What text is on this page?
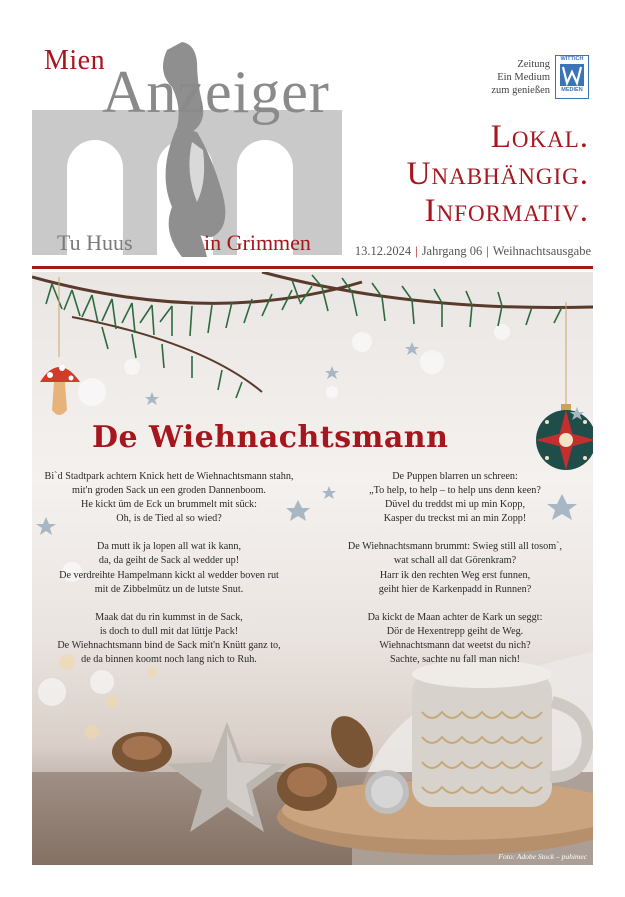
Mien
Anzeiger
Tu Huus	in Grimmen
Zeitung
Ein Medium
zum genießen
WITTICH
MEDIEN
Lokal.
Unabhängig.
Informativ.
13.12.2024 | Jahrgang 06 | Weihnachtsausgabe
De Wiehnachtsmann
Bi`d Stadtpark achtern Knick hett de Wiehnachtsmann stahn,
mit'n groden Sack un een groden Dannenboom.
He kickt üm de Eck un brummelt mit sück:
Oh, is de Tied al so wied?
Da mutt ik ja lopen all wat ik kann,
da, da geiht de Sack al wedder up!
De verdreihte Hampelmann kickt al wedder boven rut
mit de Zibbelmütz un de lutste Snut.
Maak dat du rin kummst in de Sack,
is doch to dull mit dat lüttje Pack!
De Wiehnachtsmann bind de Sack mit'n Knütt ganz to,
de da binnen koomt noch lang nich to Ruh.
De Puppen blarren un schreen:
„To help, to help – to help uns denn keen?
Düvel du treddst mi up min Kopp,
Kasper du treckst mi an min Zopp!
De Wiehnachtsmann brummt: Swieg still all tosom`,
wat schall all dat Görenkram?
Harr ik den rechten Weg erst funnen,
geiht hier de Karkenpadd in Runnen?
Da kickt de Maan achter de Kark un seggt:
Dör de Hexentrepp geiht de Weg.
Wiehnachtsmann dat weetst du nich?
Sachte, sachte nu fall man nich!
Foto: Adobe Stock – puhimec
